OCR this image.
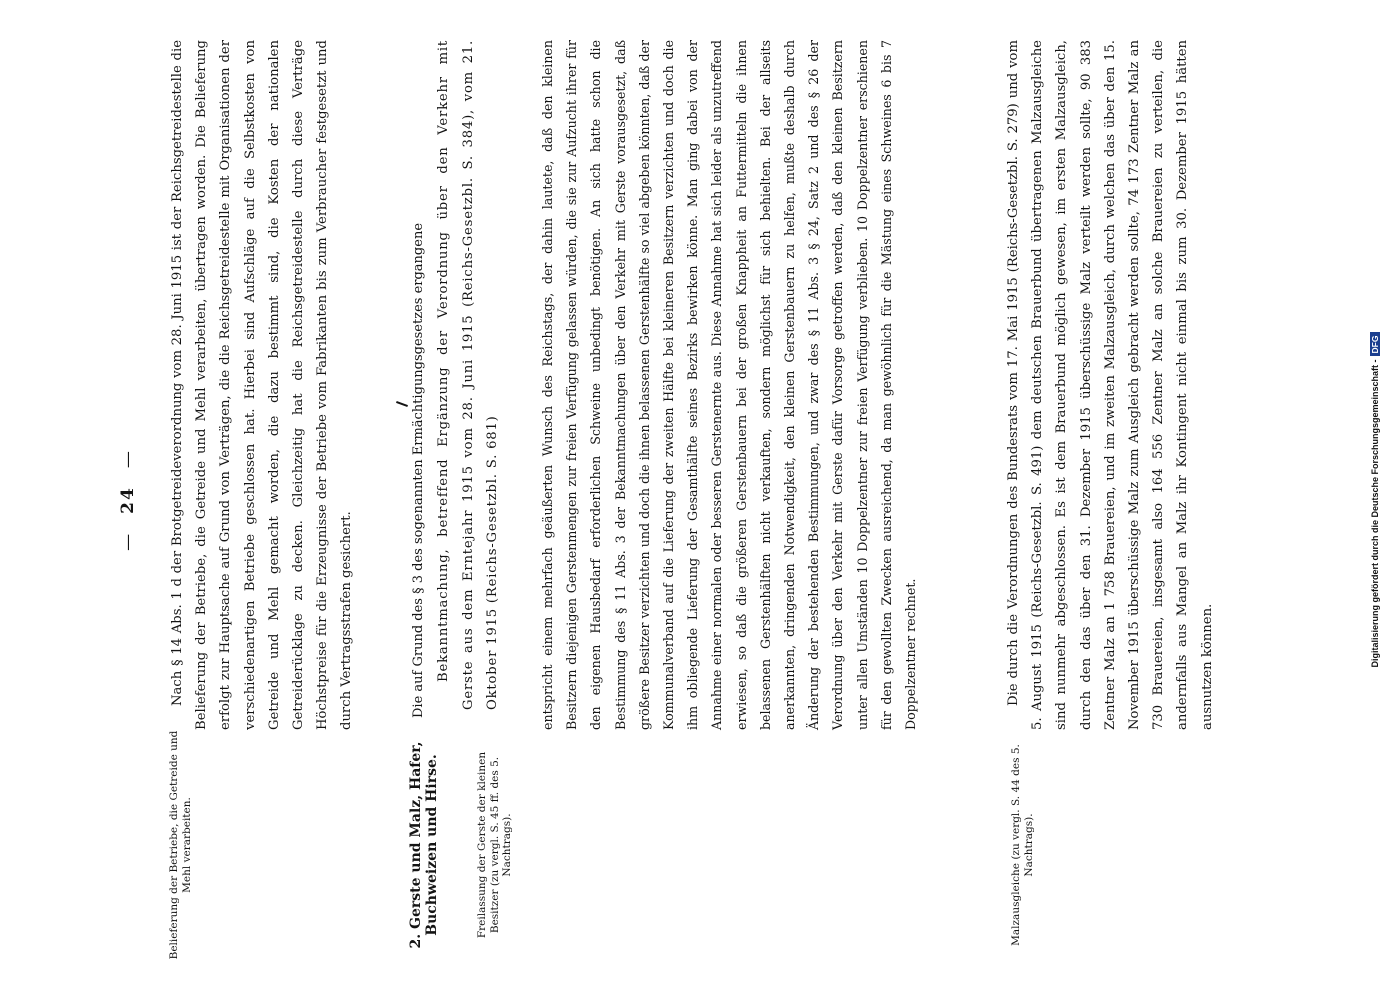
—24—
Belieferung der Betriebe, die Getreide und Mehl verarbeiten.	2. Gerste und Malz, Hafer, Buchweizen und Hirse.	Freilassung der Gerste der kleinen Besitzer (zu vergl. S. 45 ff. des 5. Nachtrags).	Malzausgleiche (zu vergl. S. 44 des 5. Nachtrags).

Nach § 14 Abs. 1 d der Brotgetreideverordnung vom 28. Juni 1915 ist der Reichsgetreidestelle die Belieferung der Betriebe, die Getreide und Mehl verarbeiten, übertragen worden. Die Belieferung erfolgt zur Hauptsache auf Grund von Verträgen, die die Reichsgetreidestelle mit Organisationen der verschiedenartigen Betriebe geschlossen hat. Hierbei sind Aufschläge auf die Selbstkosten von Getreide und Mehl gemacht worden, die dazu bestimmt sind, die Kosten der nationalen Getreiderücklage zu decken. Gleichzeitig hat die Reichsgetreidestelle durch diese Verträge Höchstpreise für die Erzeugnisse der Betriebe vom Fabrikanten bis zum Verbraucher festgesetzt und durch Vertragsstrafen gesichert.	Die auf Grund des § 3 des sogenannten Ermächtigungsgesetzes ergangene Bekanntmachung, betreffend Ergänzung der Verordnung über den Verkehr mit Gerste aus dem Erntejahr 1915 vom 28. Juni 1915 (Reichs-Gesetzbl. S. 384), vom 21. Oktober 1915 (Reichs-Gesetzbl. S. 681)	entspricht einem mehrfach geäußerten Wunsch des Reichstags, der dahin lautete, daß den kleinen Besitzern diejenigen Gerstenmengen zur freien Verfügung gelassen würden, die sie zur Aufzucht ihrer für den eigenen Hausbedarf erforderlichen Schweine unbedingt benötigen. An sich hatte schon die Bestimmung des § 11 Abs. 3 der Bekanntmachungen über den Verkehr mit Gerste vorausgesetzt, daß größere Besitzer verzichten und doch die ihnen belassenen Gerstenhälfte so viel abgeben könnten, daß der Kommunalverband auf die Lieferung der zweiten Hälfte bei kleineren Besitzern verzichten und doch die ihm obliegende Lieferung der Gesamthälfte seines Bezirks bewirken könne. Man ging dabei von der Annahme einer normalen oder besseren Gerstenernte aus. Diese Annahme hat sich leider als unzutreffend erwiesen, so daß die größeren Gerstenbauern bei der großen Knappheit an Futtermitteln die ihnen belassenen Gerstenhälften nicht verkauften, sondern möglichst für sich behielten. Bei der allseits anerkannten, dringenden Notwendigkeit, den kleinen Gerstenbauern zu helfen, mußte deshalb durch Änderung der bestehenden Bestimmungen, und zwar des § 11 Abs. 3 § 24, Satz 2 und des § 26 der Verordnung über den Verkehr mit Gerste dafür Vorsorge getroffen werden, daß den kleinen Besitzern unter allen Umständen 10 Doppelzentner zur freien Verfügung verblieben. 10 Doppelzentner erschienen für den gewollten Zwecken ausreichend, da man gewöhnlich für die Mästung eines Schweines 6 bis 7 Doppelzentner rechnet.	Die durch die Verordnungen des Bundesrats vom 17. Mai 1915 (Reichs-Gesetzbl. S. 279) und vom 5. August 1915 (Reichs-Gesetzbl. S. 491) dem deutschen Brauerbund übertragenen Malzausgleiche sind nunmehr abgeschlossen. Es ist dem Brauerbund möglich gewesen, im ersten Malzausgleich, durch den das über den 31. Dezember 1915 überschüssige Malz verteilt werden sollte, 90 383 Zentner Malz an 1 758 Brauereien, und im zweiten Malzausgleich, durch welchen das über den 15. November 1915 überschüssige Malz zum Ausgleich gebracht werden sollte, 74 173 Zentner Malz an 730 Brauereien, insgesamt also 164 556 Zentner Malz an solche Brauereien zu verteilen, die andernfalls aus Mangel an Malz ihr Kontingent nicht einmal bis zum 30. Dezember 1915 hätten ausnutzen können.	Digitalisierung gefördert durch die Deutsche Forschungsgemeinschaft -DFG
